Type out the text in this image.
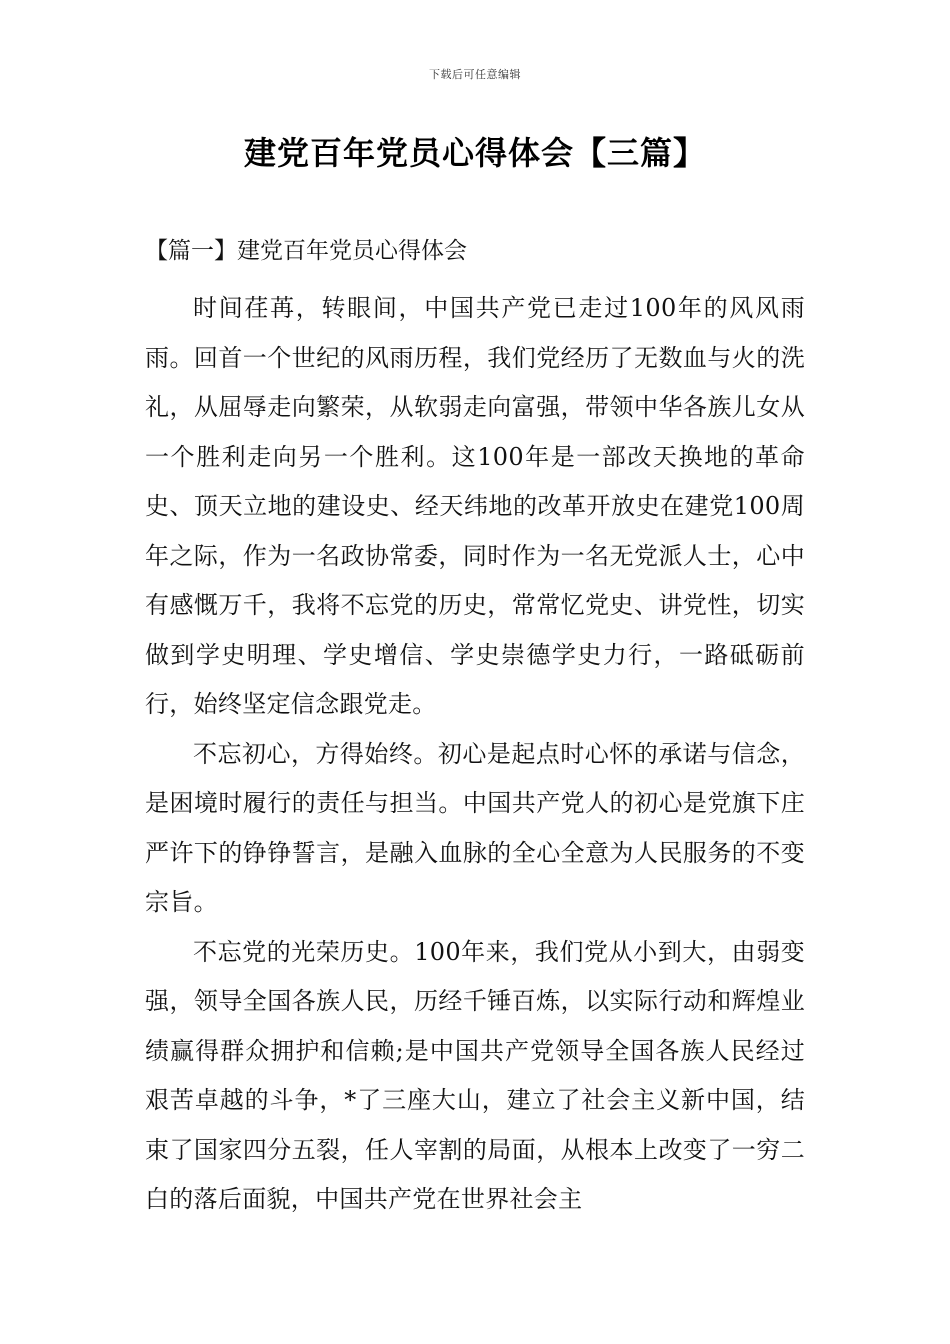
下载后可任意编辑
建党百年党员心得体会【三篇】
【篇一】建党百年党员心得体会

时间荏苒，转眼间，中国共产党已走过100年的风风雨雨。回首一个世纪的风雨历程，我们党经历了无数血与火的洗礼，从屈辱走向繁荣，从软弱走向富强，带领中华各族儿女从一个胜利走向另一个胜利。这100年是一部改天换地的革命史、顶天立地的建设史、经天纬地的改革开放史在建党100周年之际，作为一名政协常委，同时作为一名无党派人士，心中有感慨万千，我将不忘党的历史，常常忆党史、讲党性，切实做到学史明理、学史增信、学史崇德学史力行，一路砥砺前行，始终坚定信念跟党走。

不忘初心，方得始终。初心是起点时心怀的承诺与信念，是困境时履行的责任与担当。中国共产党人的初心是党旗下庄严许下的铮铮誓言，是融入血脉的全心全意为人民服务的不变宗旨。

不忘党的光荣历史。100年来，我们党从小到大，由弱变强，领导全国各族人民，历经千锤百炼，以实际行动和辉煌业绩赢得群众拥护和信赖;是中国共产党领导全国各族人民经过艰苦卓越的斗争，*了三座大山，建立了社会主义新中国，结束了国家四分五裂，任人宰割的局面，从根本上改变了一穷二白的落后面貌，中国共产党在世界社会主
